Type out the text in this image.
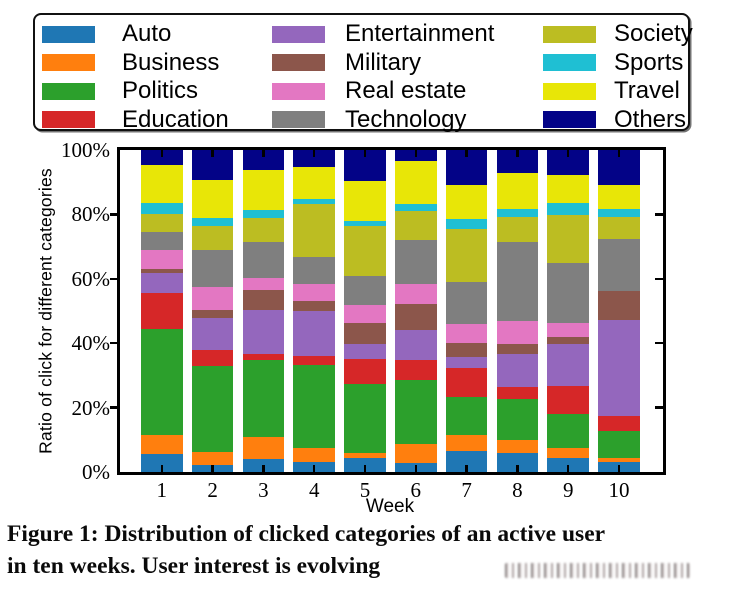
Auto
Business
Politics
Education
Entertainment
Military
Real estate
Technology
Society
Sports
Travel
Others
Ratio of click for different categories
0%
20%
40%
60%
80%
100%
1	2	3	4	5	6	7	8	9	10
Week
Figure 1: Distribution of clicked categories of an active user
in ten weeks. User interest is evolving
